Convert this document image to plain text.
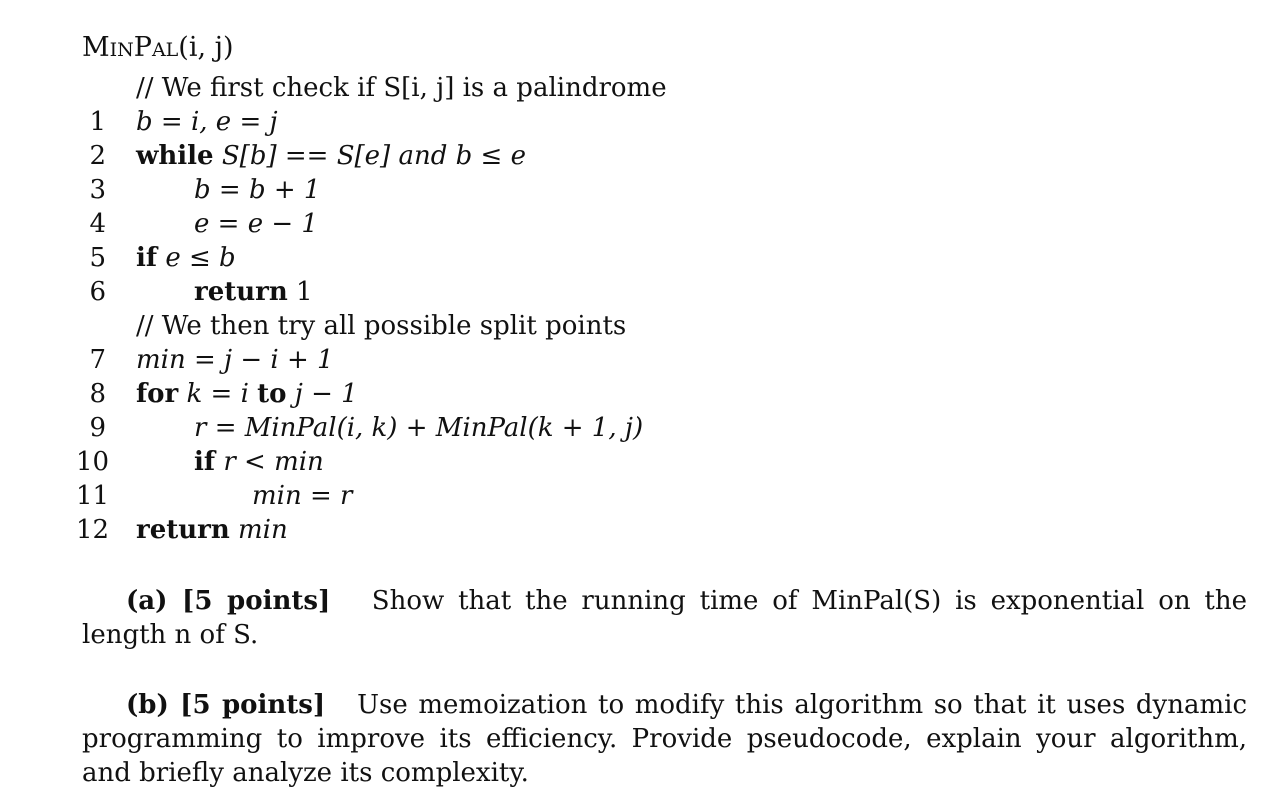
MinPal(i, j)
// We first check if S[i, j] is a palindrome
1 b = i, e = j
2 while S[b] == S[e] and b ≤ e
3	b = b + 1
4	e = e − 1
5 if e ≤ b
6	return 1
// We then try all possible split points
7 min = j − i + 1
8 for k = i to j − 1
9	r = MinPal(i, k) + MinPal(k + 1, j)
10	if r < min
11	min = r
12 return min
(a) [5 points] Show that the running time of MinPal(S) is exponential on the length n of S.
(b) [5 points] Use memoization to modify this algorithm so that it uses dynamic programming to improve its efficiency. Provide pseudocode, explain your algorithm, and briefly analyze its complexity.
